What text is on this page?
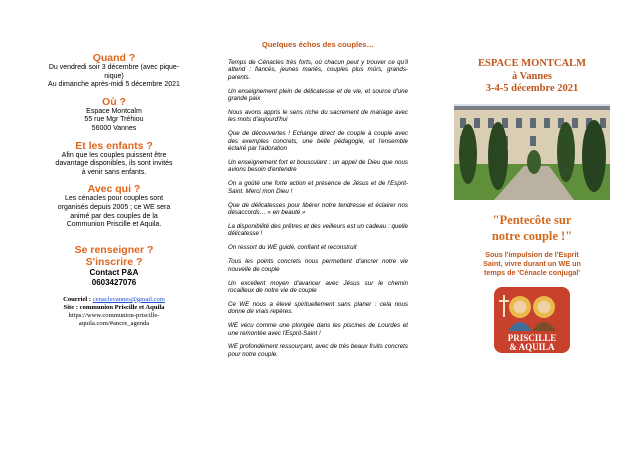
Quand ?
Du vendredi soir 3 décembre (avec pique-
nique)
Au dimanche après-midi 5 décembre 2021
Où ?
Espace Montcalm
55 rue Mgr Tréhiou
56000 Vannes
Et les enfants ?
Afin que les couples puissent être
davantage disponibles, ils sont invités
à venir sans enfants.
Avec qui ?
Les cénacles pour couples sont
organisés depuis 2005 ; ce WE sera
animé par des couples de la
Communion Priscille et Aquila.
Se renseigner ?
S'inscrire ?
Contact P&A
0603427076
Courriel : cenaclevannes@gmail.com
Site : communion Priscille et Aquila
https://www.communion-priscille-
aquila.com/#ancre_agenda
Quelques échos des couples…
Temps de Cénacles très forts, où chacun peut y trouver ce qu'il attend : fiancés, jeunes mariés, couples plus mûrs, grands-parents.
Un enseignement plein de délicatesse et de vie, et source d'une grande paix
Nous avons appris le sens riche du sacrement de mariage avec les mots d'aujourd'hui
Que de découvertes ! Echange direct de couple à couple avec des exemples concrets, une belle pédagogie, et l'ensemble éclairé par l'adoration
Un enseignement fort et bousculant : un appel de Dieu que nous avions besoin d'entendre
On a goûté une forte action et présence de Jésus et de l'Esprit-Saint. Merci mon Dieu !
Que de délicatesses pour libérer notre tendresse et éclairer nos désaccords… « en beauté »
La disponibilité des prêtres et des veilleurs est un cadeau : quelle délicatesse !
On ressort du WE guidé, confiant et reconstruit
Tous les points concrets nous permettent d'ancrer notre vie nouvelle de couple
Un excellent moyen d'avancer avec Jésus sur le chemin rocailleux de notre vie de couple
Ce WE nous a élevé spirituellement sans planer : cela nous donne de vrais repères.
WE vécu comme une plongée dans les piscines de Lourdes et une remontée avec l'Esprit-Saint !
WE profondément ressourçant, avec de très beaux fruits concrets pour notre couple.
ESPACE MONTCALM
à Vannes
3-4-5 décembre 2021
"Pentecôte sur
notre couple !"
Sous l'impulsion de l'Esprit
Saint, vivre durant un WE un
temps de 'Cénacle conjugal'
PRISCILLE
& AQUILA
